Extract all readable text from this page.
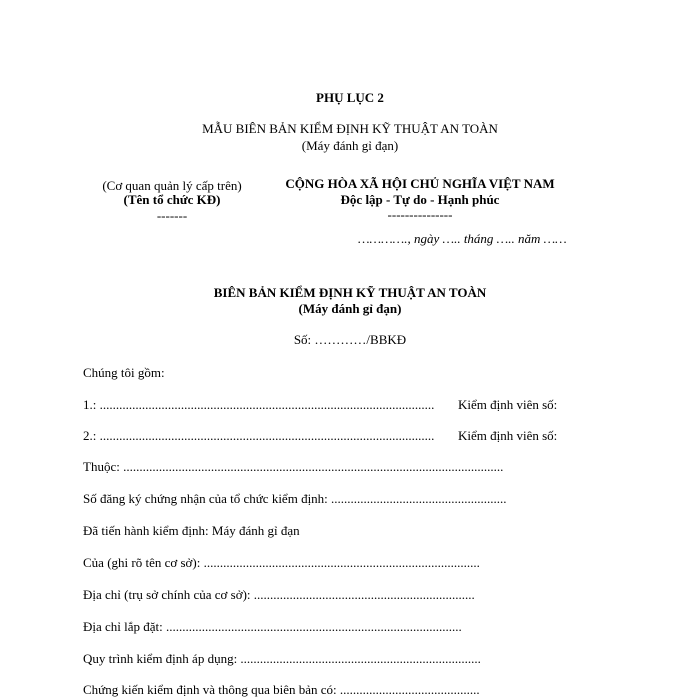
PHỤ LỤC 2
MẪU BIÊN BẢN KIỂM ĐỊNH KỸ THUẬT AN TOÀN
(Máy đánh gỉ đạn)
(Cơ quan quản lý cấp trên)
(Tên tổ chức KĐ)
-------
CỘNG HÒA XÃ HỘI CHỦ NGHĨA VIỆT NAM
Độc lập - Tự do - Hạnh phúc
---------------
…………., ngày ….. tháng ….. năm ……
BIÊN BẢN KIỂM ĐỊNH KỸ THUẬT AN TOÀN
(Máy đánh gỉ đạn)
Số: …………/BBKĐ
Chúng tôi gồm:
1.: ....................................................................................................... Kiểm định viên số:
2.: ....................................................................................................... Kiểm định viên số:
Thuộc: .....................................................................................................................
Số đăng ký chứng nhận của tổ chức kiểm định: ......................................................
Đã tiến hành kiểm định: Máy đánh gỉ đạn
Của (ghi rõ tên cơ sở): .....................................................................................
Địa chỉ (trụ sở chính của cơ sở): ....................................................................
Địa chỉ lắp đặt: ...........................................................................................
Quy trình kiểm định áp dụng: ..........................................................................
Chứng kiến kiểm định và thông qua biên bản có: ...........................................
